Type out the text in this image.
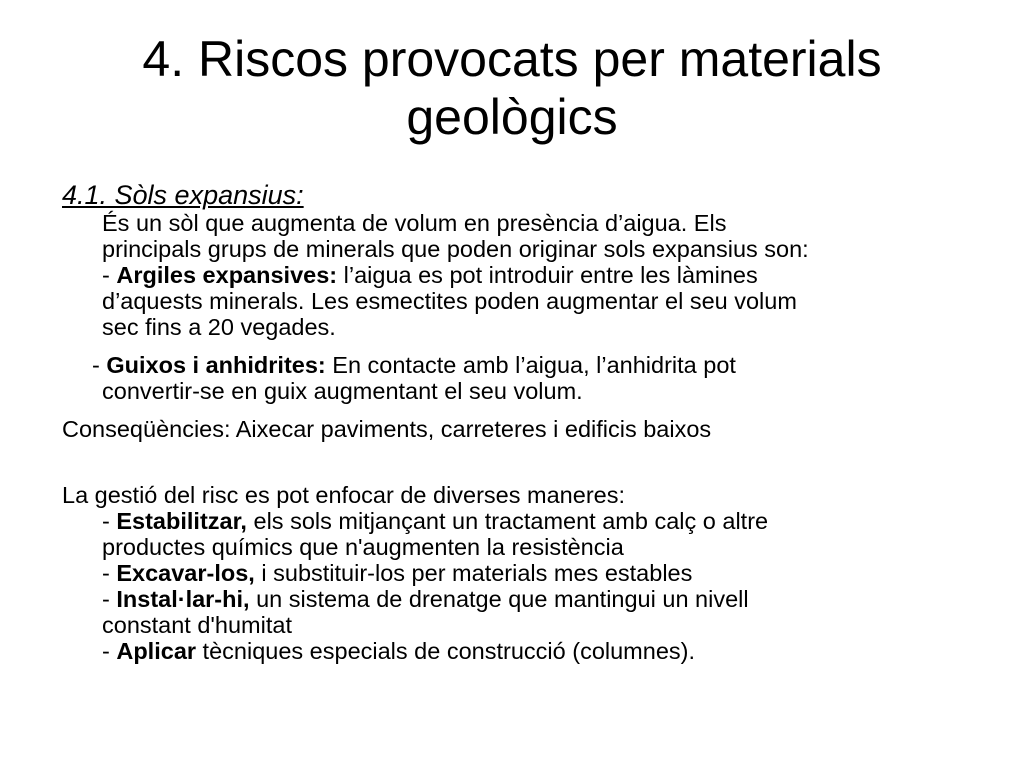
4. Riscos provocats per materials
geològics
4.1. Sòls expansius:
És un sòl que augmenta de volum en presència d’aigua. Els
principals grups de minerals que poden originar sols expansius son:
- Argiles expansives: l’aigua es pot introduir entre les làmines
d’aquests minerals. Les esmectites poden augmentar el seu volum
sec fins a 20 vegades.
- Guixos i anhidrites: En contacte amb l’aigua, l’anhidrita pot
convertir-se en guix augmentant el seu volum.
Conseqüències: Aixecar paviments, carreteres i edificis baixos
La gestió del risc es pot enfocar de diverses maneres:
- Estabilitzar, els sols mitjançant un tractament amb calç o altre
productes químics que n'augmenten la resistència
- Excavar-los, i substituir-los per materials mes estables
- Instal·lar-hi, un sistema de drenatge que mantingui un nivell
constant d'humitat
- Aplicar tècniques especials de construcció (columnes).
